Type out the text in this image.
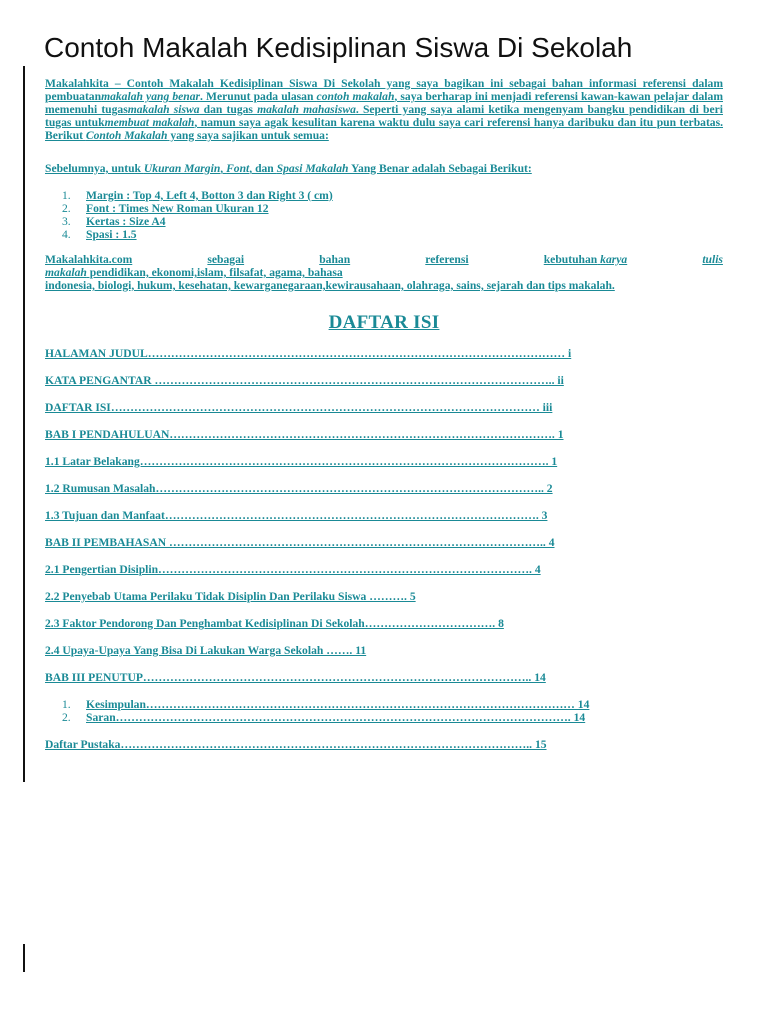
Contoh Makalah Kedisiplinan Siswa Di Sekolah

Makalahkita – Contoh Makalah Kedisiplinan Siswa Di Sekolah yang saya bagikan ini sebagai bahan informasi referensi dalam pembuatanmakalah yang benar. Merunut pada ulasan contoh makalah, saya berharap ini menjadi referensi kawan-kawan pelajar dalam memenuhi tugasmakalah siswa dan tugas makalah mahasiswa. Seperti yang saya alami ketika mengenyam bangku pendidikan di beri tugas untukmembuat makalah, namun saya agak kesulitan karena waktu dulu saya cari referensi hanya daribuku dan itu pun terbatas. Berikut Contoh Makalah yang saya sajikan untuk semua:

Sebelumnya, untuk Ukuran Margin, Font, dan Spasi Makalah Yang Benar adalah Sebagai Berikut:
1. Margin : Top 4, Left 4, Botton 3 dan Right 3 ( cm)
2. Font : Times New Roman Ukuran 12
3. Kertas : Size A4
4. Spasi : 1.5
Makalahkita.com	sebagai	bahan	referensi	kebutuhan karya	tulis
makalah pendidikan, ekonomi,islam, filsafat, agama, bahasa
indonesia, biologi, hukum, kesehatan, kewarganegaraan,kewirausahaan, olahraga, sains, sejarah dan tips makalah.
DAFTAR ISI
HALAMAN JUDUL……………………………………………………………………………………………… i
KATA PENGANTAR ………………………………………………………………………………………….. ii
DAFTAR ISI………………………………………………………………………………………………… iii
BAB I PENDAHULUAN………………………………………………………………………………………. 1
1.1 Latar Belakang……………………………………………………………………………………………. 1
1.2 Rumusan Masalah……………………………………………………………………………………….. 2
1.3 Tujuan dan Manfaat……………………………………………………………………………………. 3
BAB II PEMBAHASAN …………………………………………………………………………………….. 4
2.1 Pengertian Disiplin……………………………………………………………………………………. 4
2.2 Penyebab Utama Perilaku Tidak Disiplin Dan Perilaku Siswa ………. 5
2.3 Faktor Pendorong Dan Penghambat Kedisiplinan Di Sekolah……………………………. 8
2.4 Upaya-Upaya Yang Bisa Di Lakukan Warga Sekolah ……. 11
BAB III PENUTUP……………………………………………………………………………………….. 14
1. Kesimpulan………………………………………………………………………………………………… 14
2. Saran………………………………………………………………………………………………………. 14
Daftar Pustaka…………………………………………………………………………………………….. 15
